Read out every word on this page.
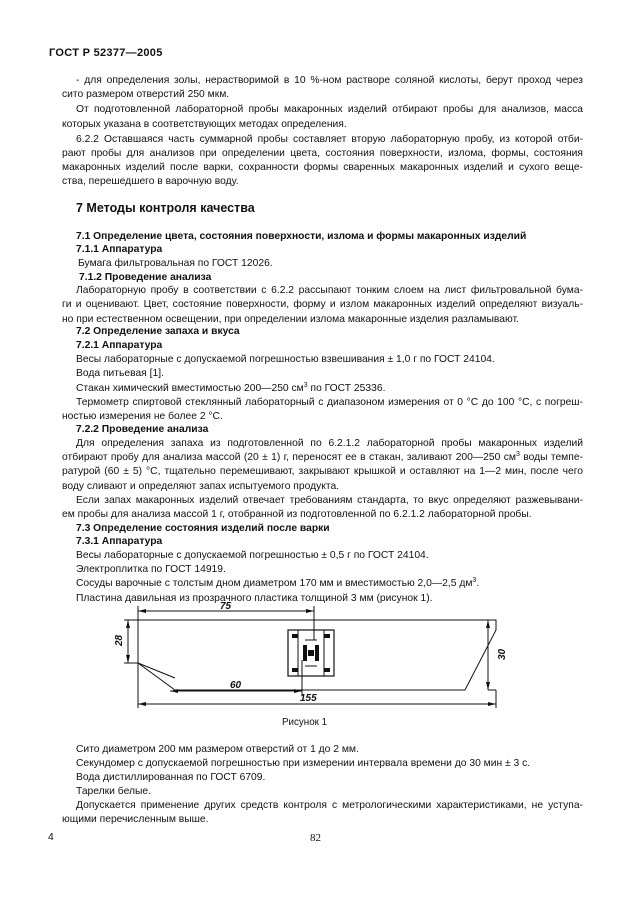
ГОСТ Р 52377—2005
- для определения золы, нерастворимой в 10 %-ном растворе соляной кислоты, берут проход через
сито размером отверстий 250 мкм.
От подготовленной лабораторной пробы макаронных изделий отбирают пробы для анализов, масса
которых указана в соответствующих методах определения.
6.2.2 Оставшаяся часть суммарной пробы составляет вторую лабораторную пробу, из которой отби-
рают пробы для анализов при определении цвета, состояния поверхности, излома, формы, состояния
макаронных изделий после варки, сохранности формы сваренных макаронных изделий и сухого веще-
ства, перешедшего в варочную воду.
7 Методы контроля качества
7.1 Определение цвета, состояния поверхности, излома и формы макаронных изделий
7.1.1 Аппаратура
Бумага фильтровальная по ГОСТ 12026.
7.1.2 Проведение анализа
Лабораторную пробу в соответствии с 6.2.2 рассыпают тонким слоем на лист фильтровальной бума-
ги и оценивают. Цвет, состояние поверхности, форму и излом макаронных изделий определяют визуаль-
но при естественном освещении, при определении излома макаронные изделия разламывают.
7.2 Определение запаха и вкуса
7.2.1 Аппаратура
Весы лабораторные с допускаемой погрешностью взвешивания ± 1,0 г по ГОСТ 24104.
Вода питьевая [1].
Стакан химический вместимостью 200—250 $см^3$ по ГОСТ 25336.
Термометр спиртовой стеклянный лабораторный с диапазоном измерения от 0 °С до 100 °С, с погреш-
ностью измерения не более 2 °С.
7.2.2 Проведение анализа
Для определения запаха из подготовленной по 6.2.1.2 лабораторной пробы макаронных изделий
отбирают пробу для анализа массой (20 ± 1) г, переносят ее в стакан, заливают 200—250 $см^3$ воды темпе-
ратурой (60 ± 5) °С, тщательно перемешивают, закрывают крышкой и оставляют на 1—2 мин, после чего
воду сливают и определяют запах испытуемого продукта.
Если запах макаронных изделий отвечает требованиям стандарта, то вкус определяют разжевывани-
ем пробы для анализа массой 1 г, отобранной из подготовленной по 6.2.1.2 лабораторной пробы.
7.3 Определение состояния изделий после варки
7.3.1 Аппаратура
Весы лабораторные с допускаемой погрешностью ± 0,5 г по ГОСТ 24104.
Электроплитка по ГОСТ 14919.
Сосуды варочные с толстым дном диаметром 170 мм и вместимостью 2,0—2,5 $дм^3$.
Пластина давильная из прозрачного пластика толщиной 3 мм (рисунок 1).
75
28
30
60
155
Рисунок 1
Сито диаметром 200 мм размером отверстий от 1 до 2 мм.
Секундомер с допускаемой погрешностью при измерении интервала времени до 30 мин ± 3 с.
Вода дистиллированная по ГОСТ 6709.
Тарелки белые.
Допускается применение других средств контроля с метрологическими характеристиками, не уступа-
ющими перечисленным выше.
4	82
